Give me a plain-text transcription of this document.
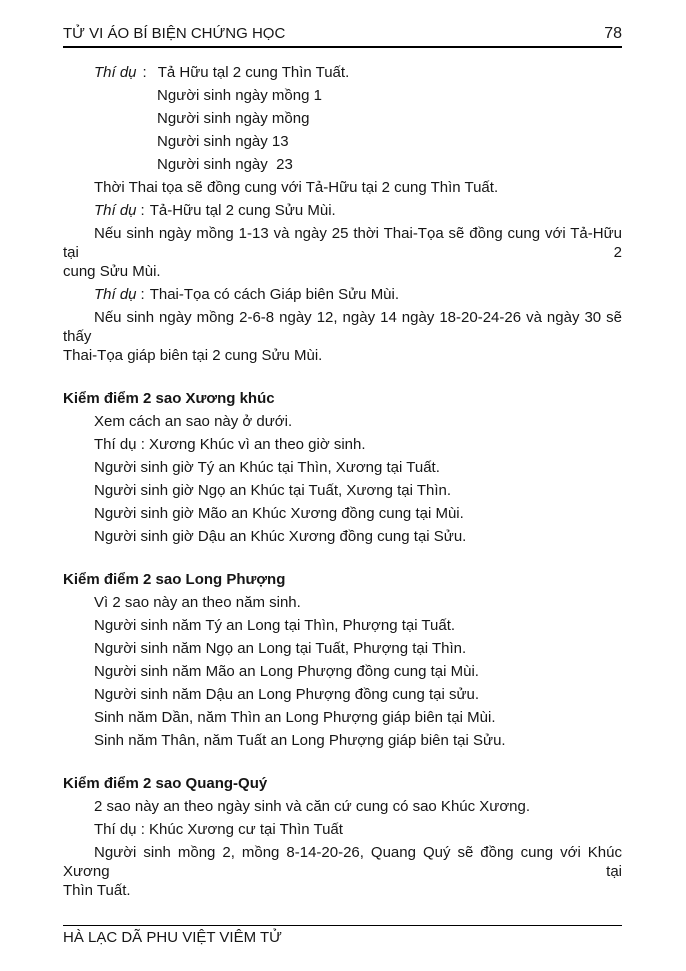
TỬ VI ÁO BÍ BIỆN CHỨNG HỌC	78
Thí dụ : Tả Hữu tạl 2 cung Thìn Tuất.
Người sinh ngày mồng 1
Người sinh ngày mồng
Người sinh ngày 13
Người sinh ngày  23
Thời Thai tọa sẽ đồng cung với Tả-Hữu tại 2 cung Thìn Tuất.
Thí dụ : Tả-Hữu tạl 2 cung Sửu Mùi.
Nếu sinh ngày mồng 1-13 và ngày 25 thời Thai-Tọa sẽ đồng cung với Tả-Hữu tại 2
cung Sửu Mùi.
Thí dụ : Thai-Tọa có cách Giáp biên Sửu Mùi.
Nếu sinh ngày mồng 2-6-8 ngày 12, ngày 14 ngày 18-20-24-26 và ngày 30 sẽ thấy
Thai-Tọa giáp biên tại 2 cung Sửu Mùi.
Kiểm điểm 2 sao Xương khúc
Xem cách an sao này ở dưới.
Thí dụ : Xương Khúc vì an theo giờ sinh.
Người sinh giờ Tý an Khúc tại Thìn, Xương tại Tuất.
Người sinh giờ Ngọ an Khúc tại Tuất, Xương tại Thìn.
Người sinh giờ Mão an Khúc Xương đồng cung tại Mùi.
Người sinh giờ Dậu an Khúc Xương đồng cung tại Sửu.
Kiểm điểm 2 sao Long Phượng
Vì 2 sao này an theo năm sinh.
Người sinh năm Tý an Long tại Thìn, Phượng tại Tuất.
Người sinh năm Ngọ an Long tại Tuất, Phượng tại Thìn.
Người sinh năm Mão an Long Phượng đồng cung tại Mùi.
Người sinh năm Dậu an Long Phượng đồng cung tại sửu.
Sinh năm Dần, năm Thìn an Long Phượng giáp biên tại Mùi.
Sinh năm Thân, năm Tuất an Long Phượng giáp biên tại Sửu.
Kiểm điểm 2 sao Quang-Quý
2 sao này an theo ngày sinh và căn cứ cung có sao Khúc Xương.
Thí dụ : Khúc Xương cư tại Thìn Tuất
Người sinh mồng 2, mồng 8-14-20-26, Quang Quý sẽ đồng cung với Khúc Xương tại
Thìn Tuất.
HÀ LẠC DÃ PHU VIỆT VIÊM TỬ
